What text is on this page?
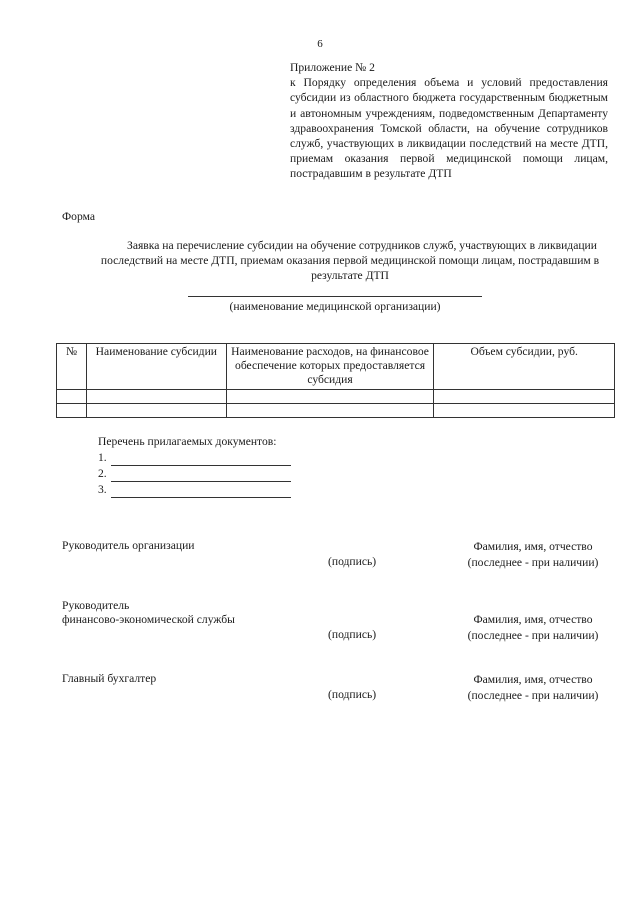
6
Приложение № 2
к Порядку определения объема и условий предоставления субсидии из областного бюджета государственным бюджетным и автономным учреждениям, подведомственным Департаменту здравоохранения Томской области, на обучение сотрудников служб, участвующих в ликвидации последствий на месте ДТП, приемам оказания первой медицинской помощи лицам, пострадавшим в результате ДТП
Форма
Заявка на перечисление субсидии на обучение сотрудников служб, участвующих в ликвидации последствий на месте ДТП, приемам оказания первой медицинской помощи лицам, пострадавшим в результате ДТП
(наименование медицинской организации)
№	Наименование субсидии	Наименование расходов, на финансовое обеспечение которых предоставляется субсидия	Объем субсидии, руб.

Перечень прилагаемых документов:
1.
2.
3.
Руководитель организации
(подпись)
Фамилия, имя, отчество
(последнее - при наличии)
Руководитель
финансово-экономической службы
(подпись)
Фамилия, имя, отчество
(последнее - при наличии)
Главный бухгалтер
(подпись)
Фамилия, имя, отчество
(последнее - при наличии)
